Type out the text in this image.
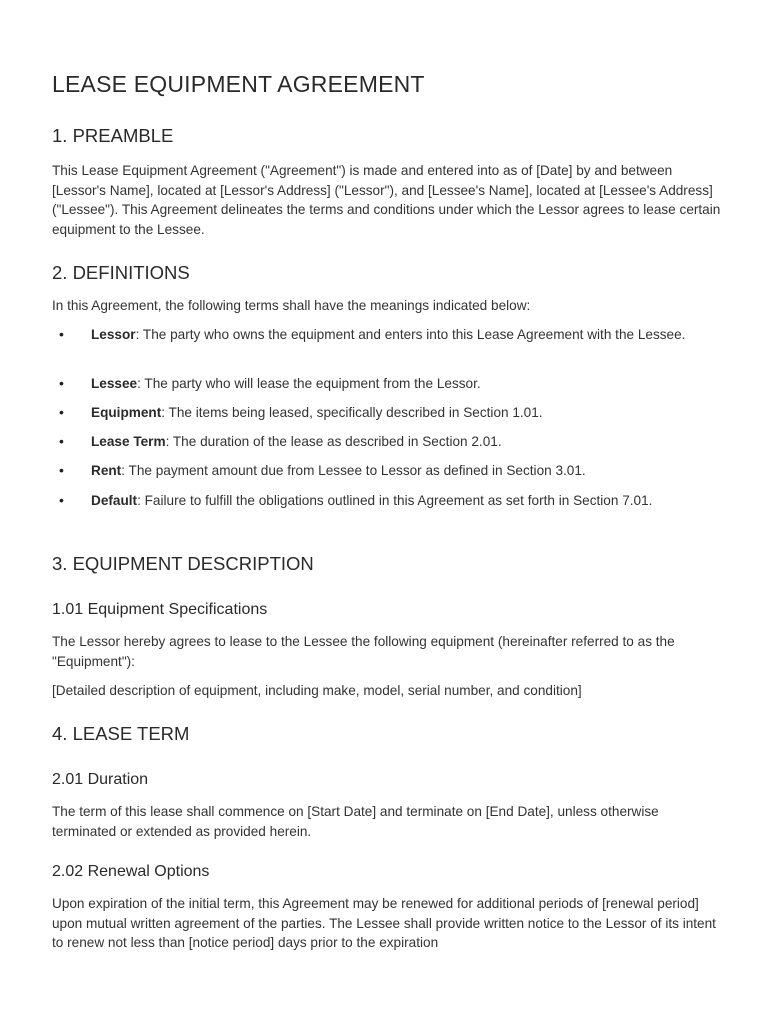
LEASE EQUIPMENT AGREEMENT
1. PREAMBLE

This Lease Equipment Agreement ("Agreement") is made and entered into as of [Date] by and between [Lessor's Name], located at [Lessor's Address] ("Lessor"), and [Lessee's Name], located at [Lessee's Address] ("Lessee"). This Agreement delineates the terms and conditions under which the Lessor agrees to lease certain equipment to the Lessee.

2. DEFINITIONS

In this Agreement, the following terms shall have the meanings indicated below:

• Lessor: The party who owns the equipment and enters into this Lease Agreement with the Lessee.
• Lessee: The party who will lease the equipment from the Lessor.
• Equipment: The items being leased, specifically described in Section 1.01.
• Lease Term: The duration of the lease as described in Section 2.01.
• Rent: The payment amount due from Lessee to Lessor as defined in Section 3.01.
• Default: Failure to fulfill the obligations outlined in this Agreement as set forth in Section 7.01.
3. EQUIPMENT DESCRIPTION
1.01 Equipment Specifications

The Lessor hereby agrees to lease to the Lessee the following equipment (hereinafter referred to as the "Equipment"):

[Detailed description of equipment, including make, model, serial number, and condition]

4. LEASE TERM
2.01 Duration

The term of this lease shall commence on [Start Date] and terminate on [End Date], unless otherwise terminated or extended as provided herein.

2.02 Renewal Options

Upon expiration of the initial term, this Agreement may be renewed for additional periods of [renewal period] upon mutual written agreement of the parties. The Lessee shall provide written notice to the Lessor of its intent to renew not less than [notice period] days prior to the expiration
